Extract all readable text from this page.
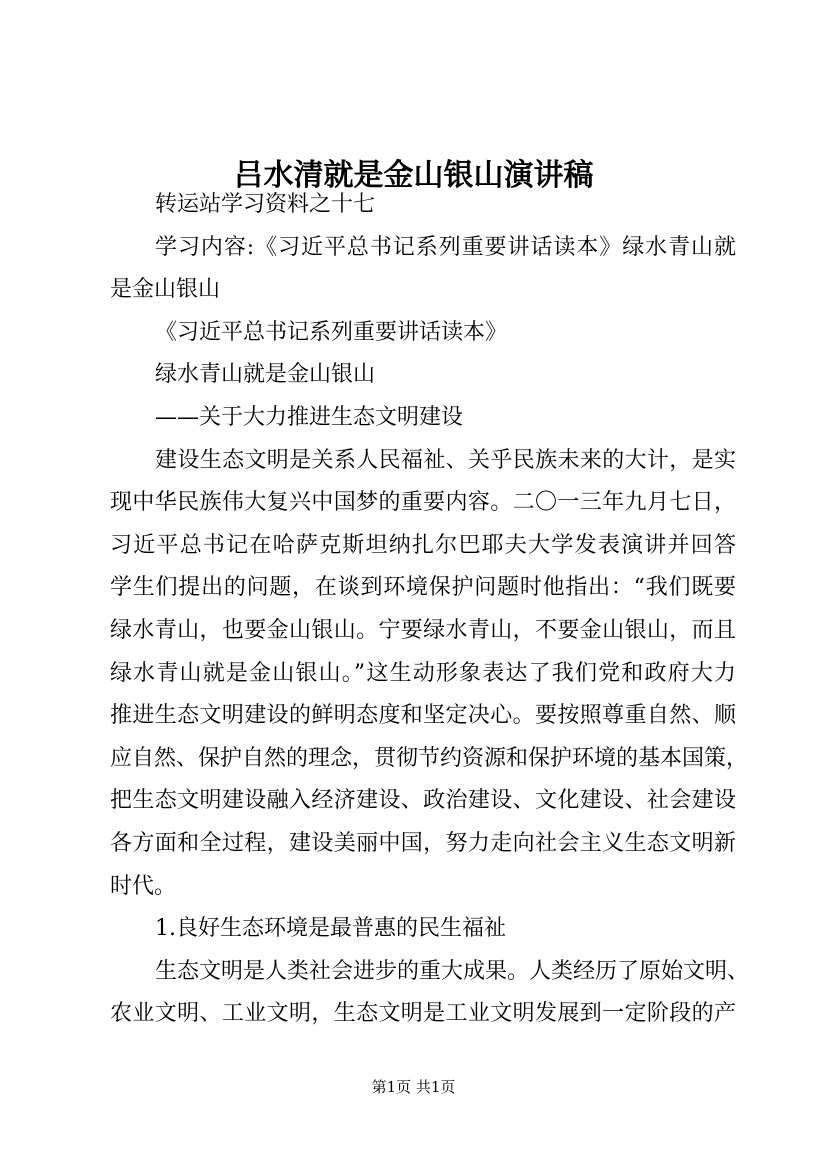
吕水清就是金山银山演讲稿
转运站学习资料之十七
学习内容:《习近平总书记系列重要讲话读本》绿水青山就
是金山银山
《习近平总书记系列重要讲话读本》
绿水青山就是金山银山
——关于大力推进生态文明建设
建设生态文明是关系人民福祉、关乎民族未来的大计，是实
现中华民族伟大复兴中国梦的重要内容。二〇一三年九月七日，
习近平总书记在哈萨克斯坦纳扎尔巴耶夫大学发表演讲并回答
学生们提出的问题，在谈到环境保护问题时他指出：“我们既要
绿水青山，也要金山银山。宁要绿水青山，不要金山银山，而且
绿水青山就是金山银山。”这生动形象表达了我们党和政府大力
推进生态文明建设的鲜明态度和坚定决心。要按照尊重自然、顺
应自然、保护自然的理念，贯彻节约资源和保护环境的基本国策，
把生态文明建设融入经济建设、政治建设、文化建设、社会建设
各方面和全过程，建设美丽中国，努力走向社会主义生态文明新
时代。
1.良好生态环境是最普惠的民生福祉
生态文明是人类社会进步的重大成果。人类经历了原始文明、
农业文明、工业文明，生态文明是工业文明发展到一定阶段的产
第1页 共1页
